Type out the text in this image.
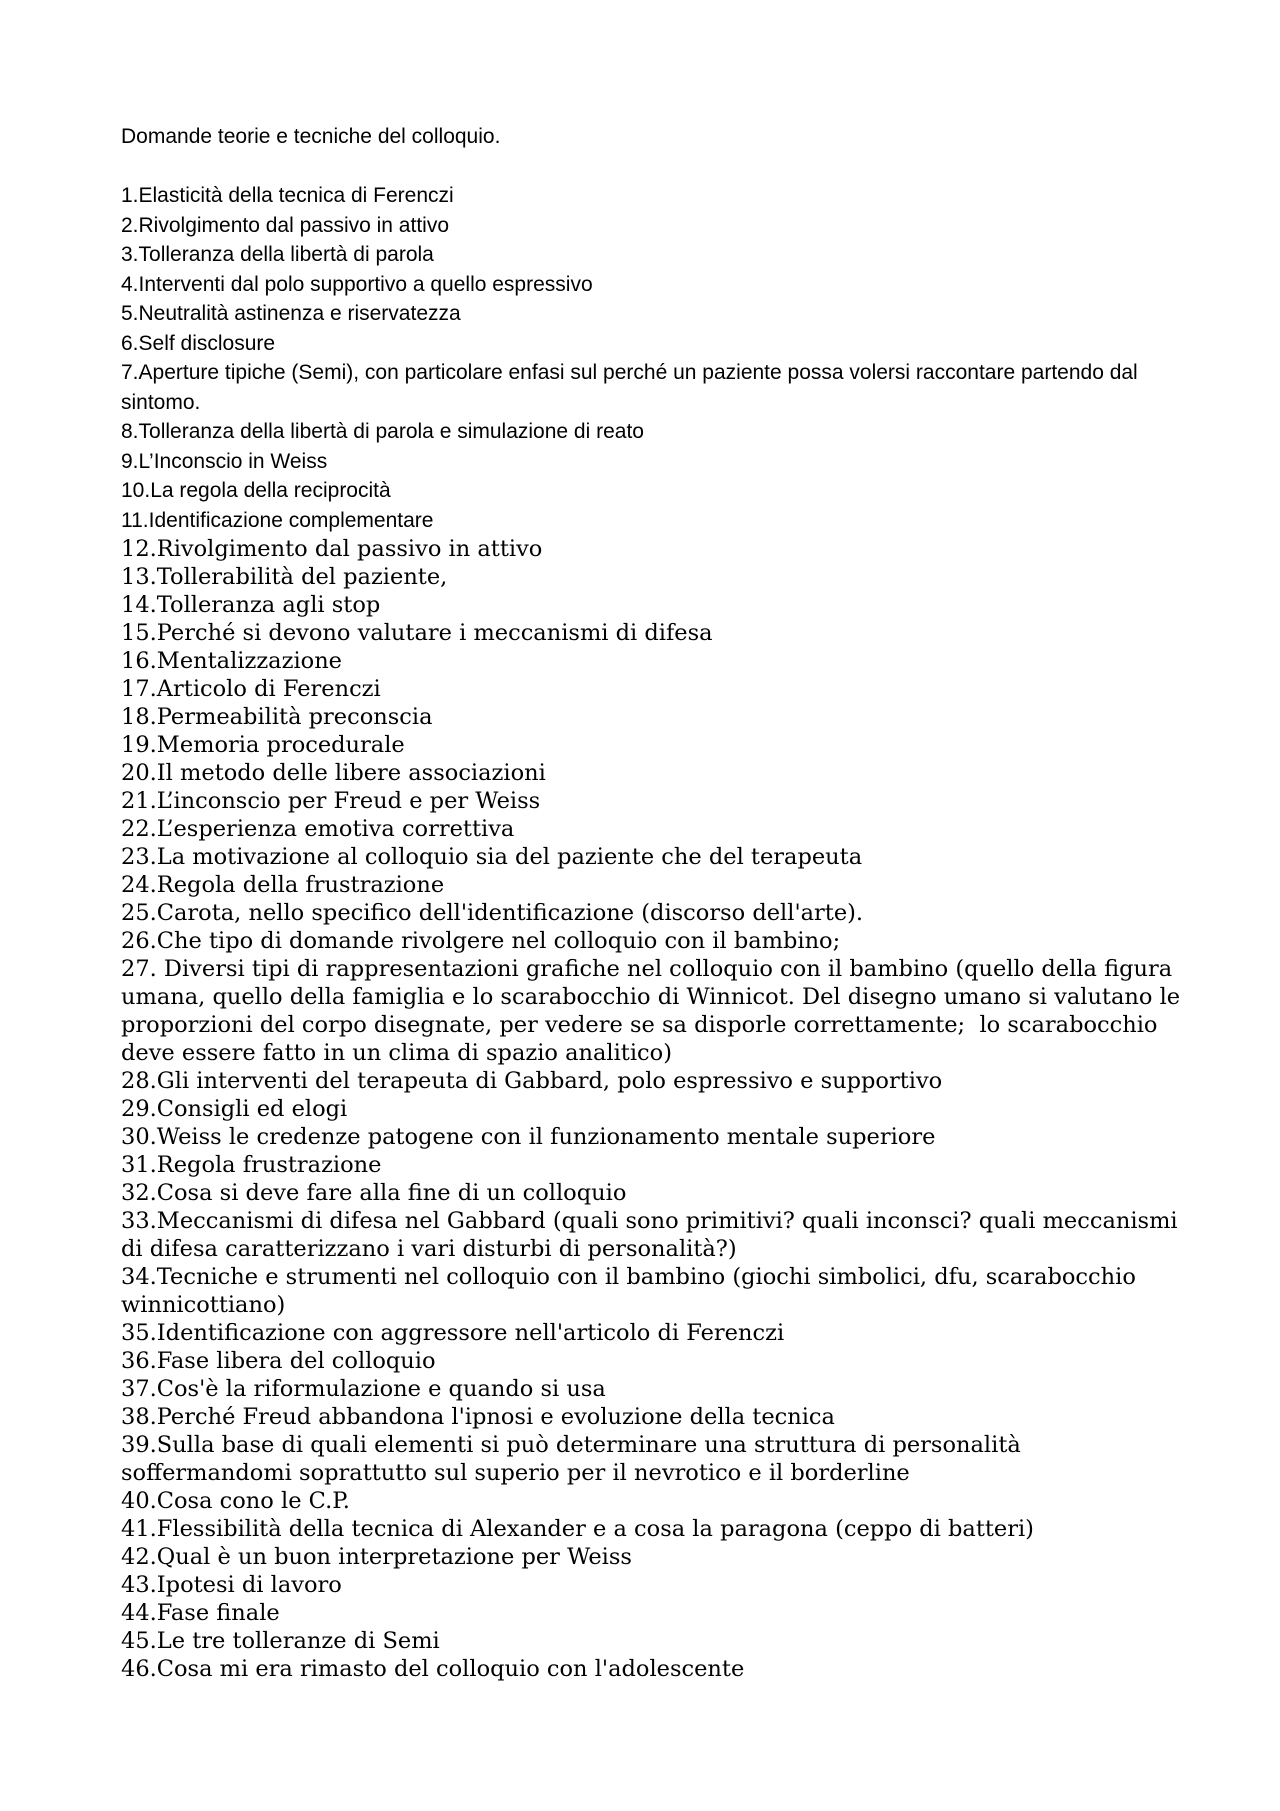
Domande teorie e tecniche del colloquio.
1.Elasticità della tecnica di Ferenczi
2.Rivolgimento dal passivo in attivo
3.Tolleranza della libertà di parola
4.Interventi dal polo supportivo a quello espressivo
5.Neutralità astinenza e riservatezza
6.Self disclosure
7.Aperture tipiche (Semi), con particolare enfasi sul perché un paziente possa volersi raccontare partendo dal sintomo.
8.Tolleranza della libertà di parola e simulazione di reato
9.L’Inconscio in Weiss
10.La regola della reciprocità
11.Identificazione complementare
12.Rivolgimento dal passivo in attivo
13.Tollerabilità del paziente,
14.Tolleranza agli stop
15.Perché si devono valutare i meccanismi di difesa
16.Mentalizzazione
17.Articolo di Ferenczi
18.Permeabilità preconscia
19.Memoria procedurale
20.Il metodo delle libere associazioni
21.L’inconscio per Freud e per Weiss
22.L’esperienza emotiva correttiva
23.La motivazione al colloquio sia del paziente che del terapeuta
24.Regola della frustrazione
25.Carota, nello specifico dell'identificazione (discorso dell'arte).
26.Che tipo di domande rivolgere nel colloquio con il bambino;
27. Diversi tipi di rappresentazioni grafiche nel colloquio con il bambino (quello della figura umana, quello della famiglia e lo scarabocchio di Winnicot. Del disegno umano si valutano le proporzioni del corpo disegnate, per vedere se sa disporle correttamente;  lo scarabocchio deve essere fatto in un clima di spazio analitico)
28.Gli interventi del terapeuta di Gabbard, polo espressivo e supportivo
29.Consigli ed elogi
30.Weiss le credenze patogene con il funzionamento mentale superiore
31.Regola frustrazione
32.Cosa si deve fare alla fine di un colloquio
33.Meccanismi di difesa nel Gabbard (quali sono primitivi? quali inconsci? quali meccanismi di difesa caratterizzano i vari disturbi di personalità?)
34.Tecniche e strumenti nel colloquio con il bambino (giochi simbolici, dfu, scarabocchio winnicottiano)
35.Identificazione con aggressore nell'articolo di Ferenczi
36.Fase libera del colloquio
37.Cos'è la riformulazione e quando si usa
38.Perché Freud abbandona l'ipnosi e evoluzione della tecnica
39.Sulla base di quali elementi si può determinare una struttura di personalità soffermandomi soprattutto sul superio per il nevrotico e il borderline
40.Cosa cono le C.P.
41.Flessibilità della tecnica di Alexander e a cosa la paragona (ceppo di batteri)
42.Qual è un buon interpretazione per Weiss
43.Ipotesi di lavoro
44.Fase finale
45.Le tre tolleranze di Semi
46.Cosa mi era rimasto del colloquio con l'adolescente
